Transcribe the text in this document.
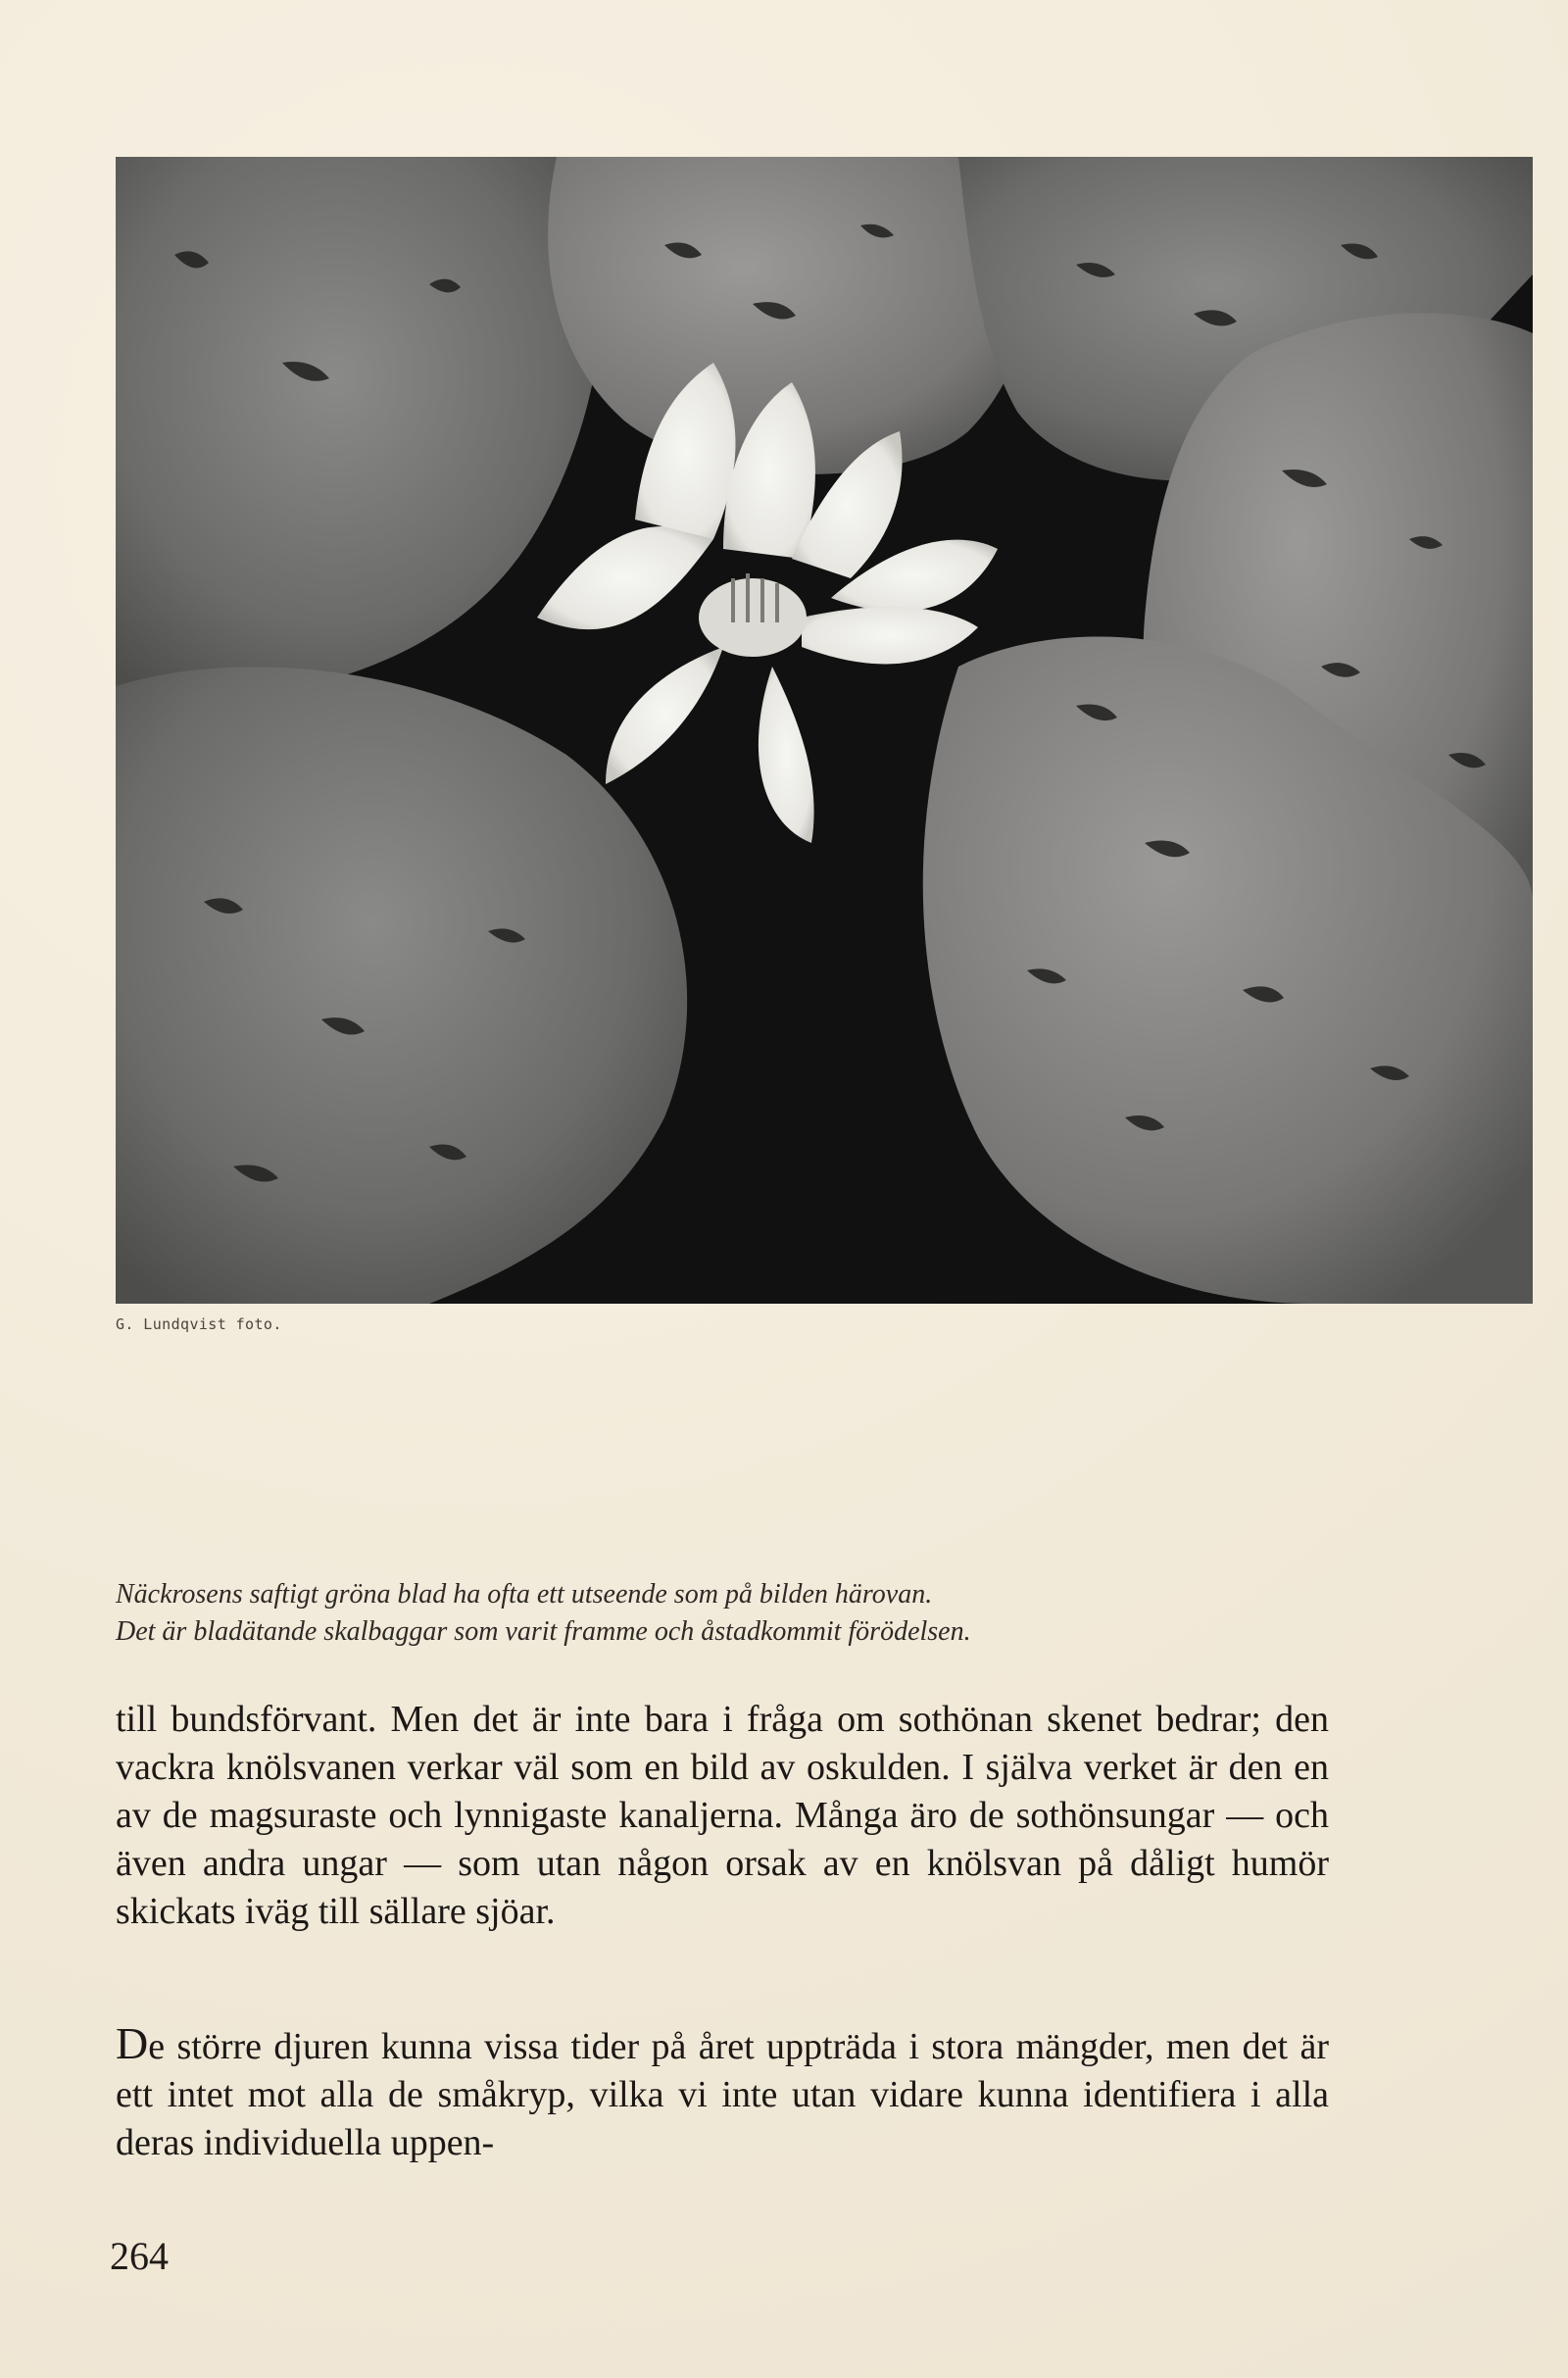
G. Lundqvist foto.
Näckrosens saftigt gröna blad ha ofta ett utseende som på bilden härovan.
Det är bladätande skalbaggar som varit framme och åstadkommit förödelsen.
till bundsförvant. Men det är inte bara i fråga om sothönan skenet bedrar; den vackra knölsvanen verkar väl som en bild av oskulden. I själva verket är den en av de magsuraste och lynnigaste kanaljerna. Många äro de sothönsungar — och även andra ungar — som utan någon orsak av en knölsvan på dåligt humör skickats iväg till sällare sjöar.
De större djuren kunna vissa tider på året uppträda i stora mängder, men det är ett intet mot alla de småkryp, vilka vi inte utan vidare kunna identifiera i alla deras individuella uppen-
264
